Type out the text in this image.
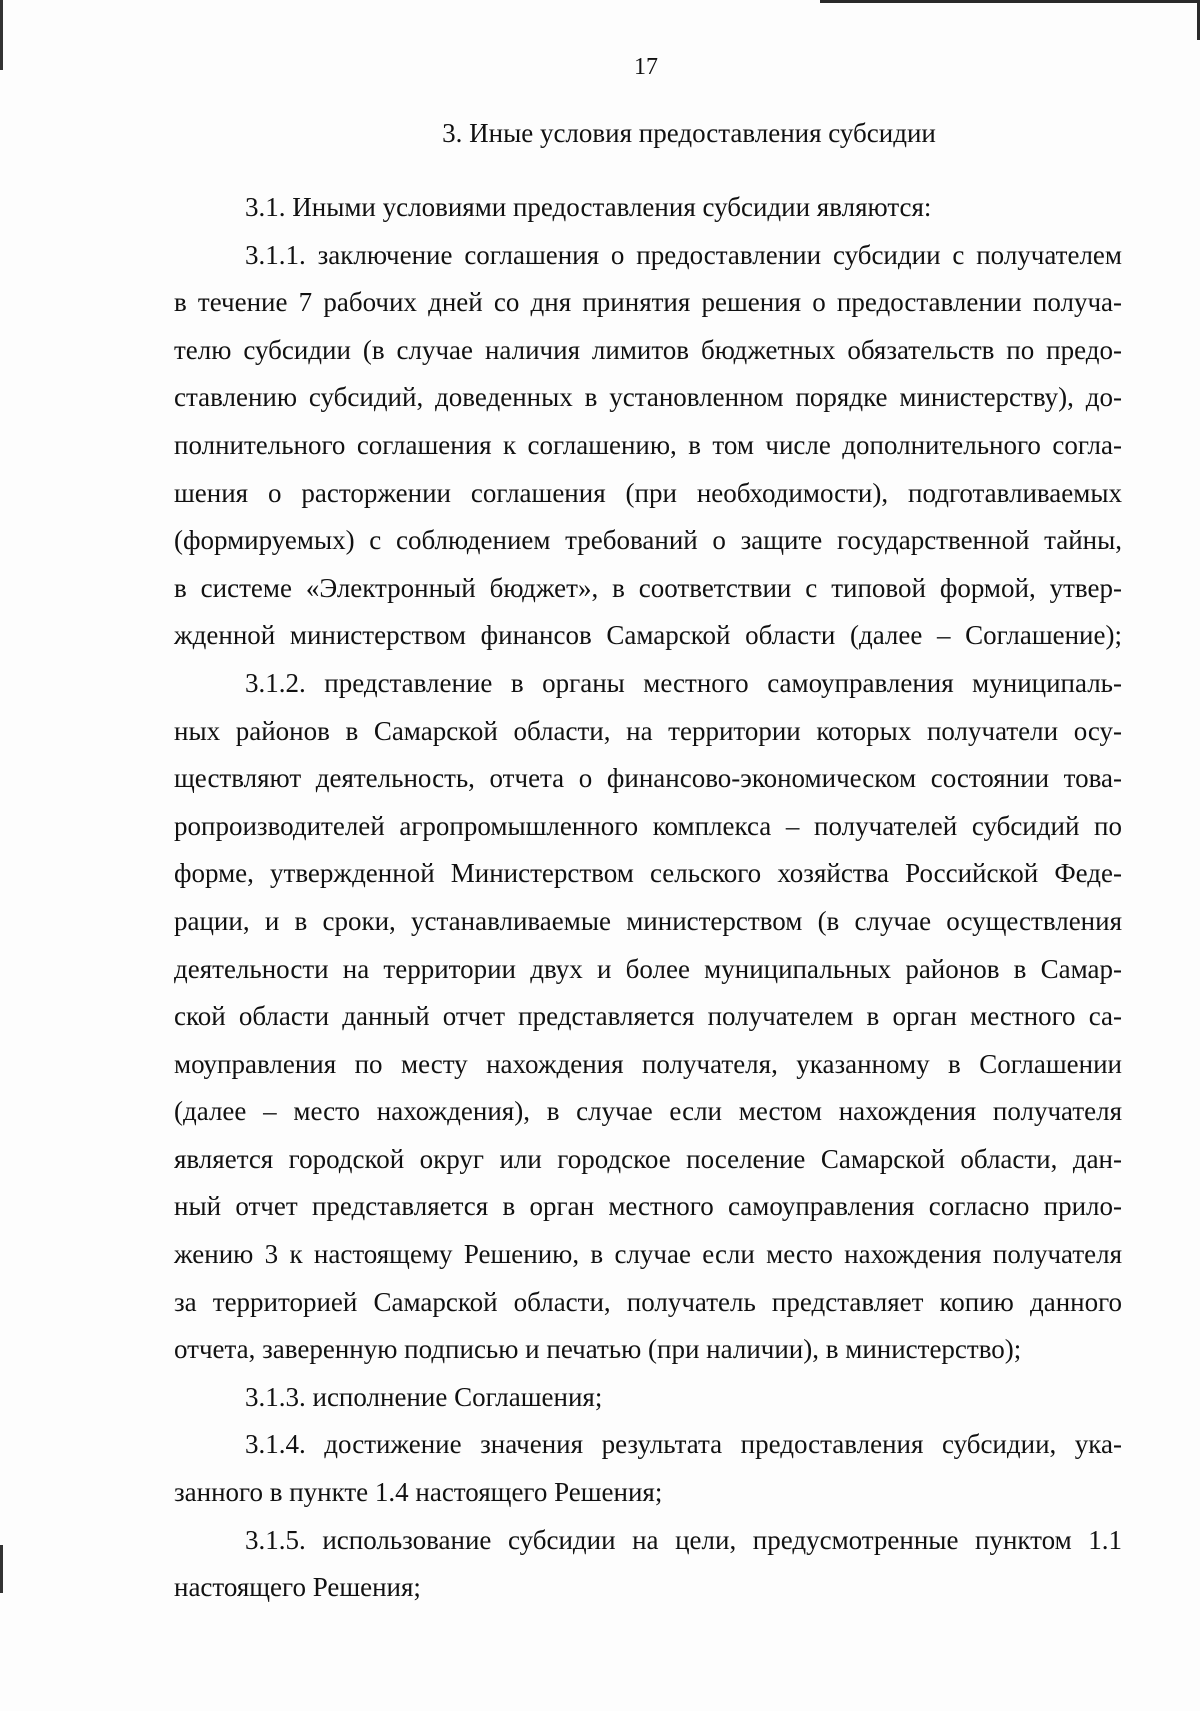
17
3. Иные условия предоставления субсидии
3.1. Иными условиями предоставления субсидии являются:
3.1.1. заключение соглашения о предоставлении субсидии с получателем
в течение 7 рабочих дней со дня принятия решения о предоставлении получа-
телю субсидии (в случае наличия лимитов бюджетных обязательств по предо-
ставлению субсидий, доведенных в установленном порядке министерству), до-
полнительного соглашения к соглашению, в том числе дополнительного согла-
шения о расторжении соглашения (при необходимости), подготавливаемых
(формируемых) с соблюдением требований о защите государственной тайны,
в системе «Электронный бюджет», в соответствии с типовой формой, утвер-
жденной министерством финансов Самарской области (далее – Соглашение);
3.1.2. представление в органы местного самоуправления муниципаль-
ных районов в Самарской области, на территории которых получатели осу-
ществляют деятельность, отчета о финансово-экономическом состоянии това-
ропроизводителей агропромышленного комплекса – получателей субсидий по
форме, утвержденной Министерством сельского хозяйства Российской Феде-
рации, и в сроки, устанавливаемые министерством (в случае осуществления
деятельности на территории двух и более муниципальных районов в Самар-
ской области данный отчет представляется получателем в орган местного са-
моуправления по месту нахождения получателя, указанному в Соглашении
(далее – место нахождения), в случае если местом нахождения получателя
является городской округ или городское поселение Самарской области, дан-
ный отчет представляется в орган местного самоуправления согласно прило-
жению 3 к настоящему Решению, в случае если место нахождения получателя
за территорией Самарской области, получатель представляет копию данного
отчета, заверенную подписью и печатью (при наличии), в министерство);
3.1.3. исполнение Соглашения;
3.1.4. достижение значения результата предоставления субсидии, ука-
занного в пункте 1.4 настоящего Решения;
3.1.5. использование субсидии на цели, предусмотренные пунктом 1.1
настоящего Решения;
